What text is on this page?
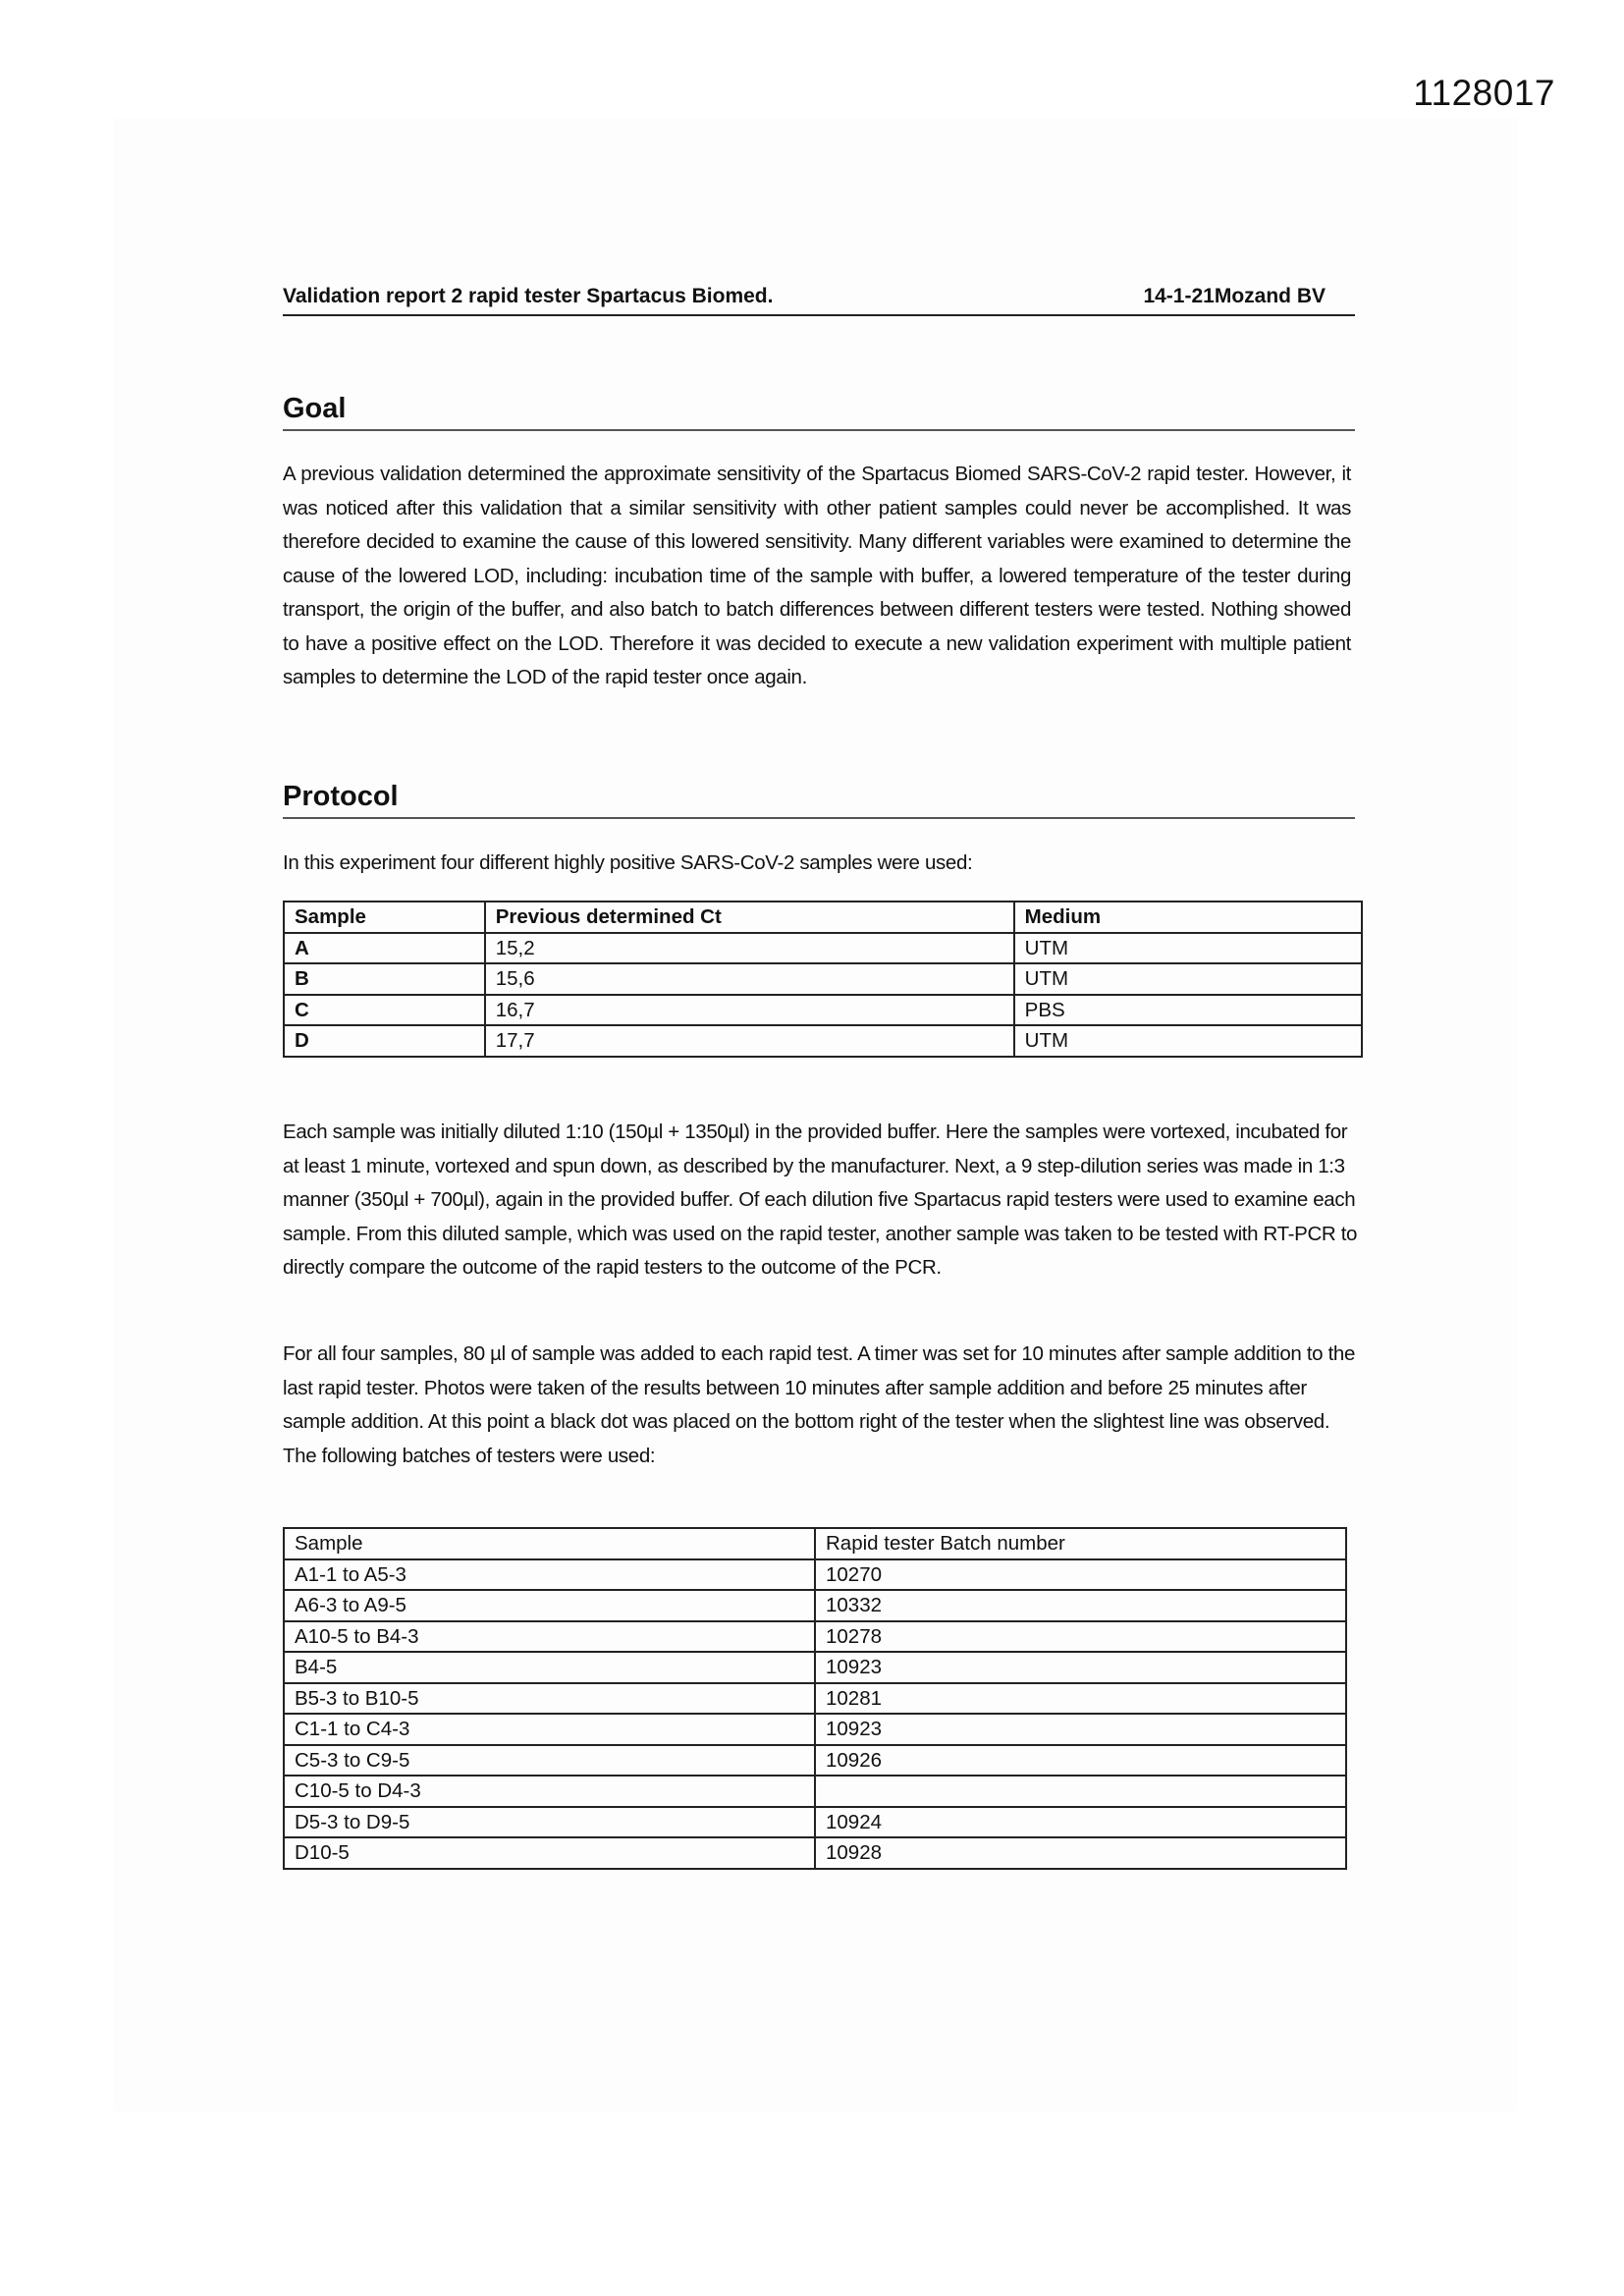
1128017
Validation report 2 rapid tester Spartacus Biomed.	14-1-21Mozand BV
Goal

A previous validation determined the approximate sensitivity of the Spartacus Biomed SARS-CoV-2 rapid tester. However, it was noticed after this validation that a similar sensitivity with other patient samples could never be accomplished. It was therefore decided to examine the cause of this lowered sensitivity. Many different variables were examined to determine the cause of the lowered LOD, including: incubation time of the sample with buffer, a lowered temperature of the tester during transport, the origin of the buffer, and also batch to batch differences between different testers were tested. Nothing showed to have a positive effect on the LOD. Therefore it was decided to execute a new validation experiment with multiple patient samples to determine the LOD of the rapid tester once again.

Protocol

In this experiment four different highly positive SARS-CoV-2 samples were used:

Sample	Previous determined Ct	Medium
A	15,2	UTM
B	15,6	UTM
C	16,7	PBS
D	17,7	UTM

Each sample was initially diluted 1:10 (150µl + 1350µl) in the provided buffer. Here the samples were vortexed, incubated for at least 1 minute, vortexed and spun down, as described by the manufacturer. Next, a 9 step-dilution series was made in 1:3 manner (350µl + 700µl), again in the provided buffer. Of each dilution five Spartacus rapid testers were used to examine each sample. From this diluted sample, which was used on the rapid tester, another sample was taken to be tested with RT-PCR to directly compare the outcome of the rapid testers to the outcome of the PCR.

For all four samples, 80 µl of sample was added to each rapid test. A timer was set for 10 minutes after sample addition to the last rapid tester. Photos were taken of the results between 10 minutes after sample addition and before 25 minutes after sample addition. At this point a black dot was placed on the bottom right of the tester when the slightest line was observed. The following batches of testers were used:

Sample	Rapid tester Batch number
A1-1 to A5-3	10270
A6-3 to A9-5	10332
A10-5 to B4-3	10278
B4-5	10923
B5-3 to B10-5	10281
C1-1 to C4-3	10923
C5-3 to C9-5	10926
C10-5 to D4-3	
D5-3 to D9-5	10924
D10-5	10928
